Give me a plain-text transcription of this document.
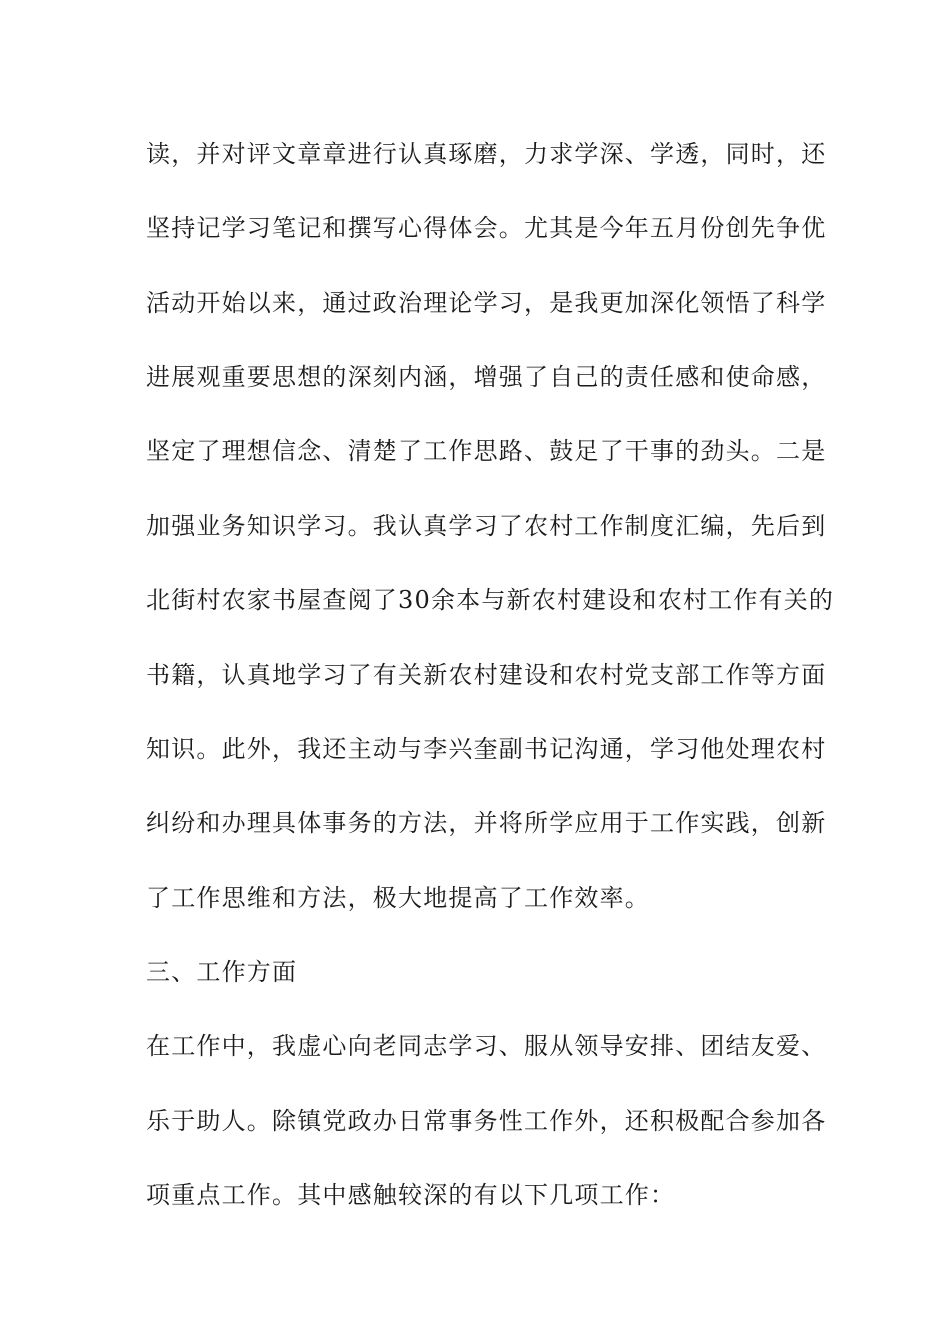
读，并对评文章章进行认真琢磨，力求学深、学透，同时，还
坚持记学习笔记和撰写心得体会。尤其是今年五月份创先争优
活动开始以来，通过政治理论学习，是我更加深化领悟了科学
进展观重要思想的深刻内涵，增强了自己的责任感和使命感，
坚定了理想信念、清楚了工作思路、鼓足了干事的劲头。二是
加强业务知识学习。我认真学习了农村工作制度汇编，先后到
北街村农家书屋查阅了30余本与新农村建设和农村工作有关的
书籍，认真地学习了有关新农村建设和农村党支部工作等方面
知识。此外，我还主动与李兴奎副书记沟通，学习他处理农村
纠纷和办理具体事务的方法，并将所学应用于工作实践，创新
了工作思维和方法，极大地提高了工作效率。
三、工作方面
在工作中，我虚心向老同志学习、服从领导安排、团结友爱、
乐于助人。除镇党政办日常事务性工作外，还积极配合参加各
项重点工作。其中感触较深的有以下几项工作：
